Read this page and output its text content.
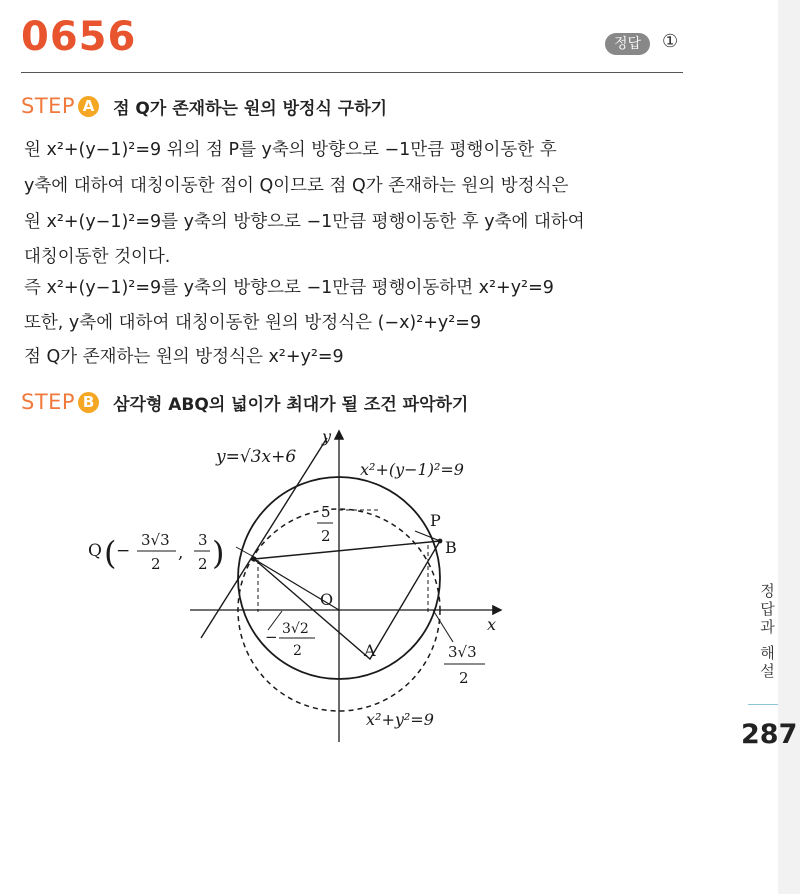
0656	정답	①
STEP A 점 Q가 존재하는 원의 방정식 구하기
원 x²+(y−1)²=9 위의 점 P를 y축의 방향으로 −1만큼 평행이동한 후
y축에 대하여 대칭이동한 점이 Q이므로 점 Q가 존재하는 원의 방정식은
원 x²+(y−1)²=9를 y축의 방향으로 −1만큼 평행이동한 후 y축에 대하여
대칭이동한 것이다.
즉 x²+(y−1)²=9를 y축의 방향으로 −1만큼 평행이동하면 x²+y²=9
또한, y축에 대하여 대칭이동한 원의 방정식은 (−x)²+y²=9
점 Q가 존재하는 원의 방정식은 x²+y²=9
STEP B 삼각형 ABQ의 넓이가 최대가 될 조건 파악하기
y=√3x+6
y
x
O
x²+(y−1)²=9
x²+y²=9
P
B
A
5
2
Q ( −
3√3
2
,
3
2 )
− 3√2
2	3√3
2	정답과 해설
287
